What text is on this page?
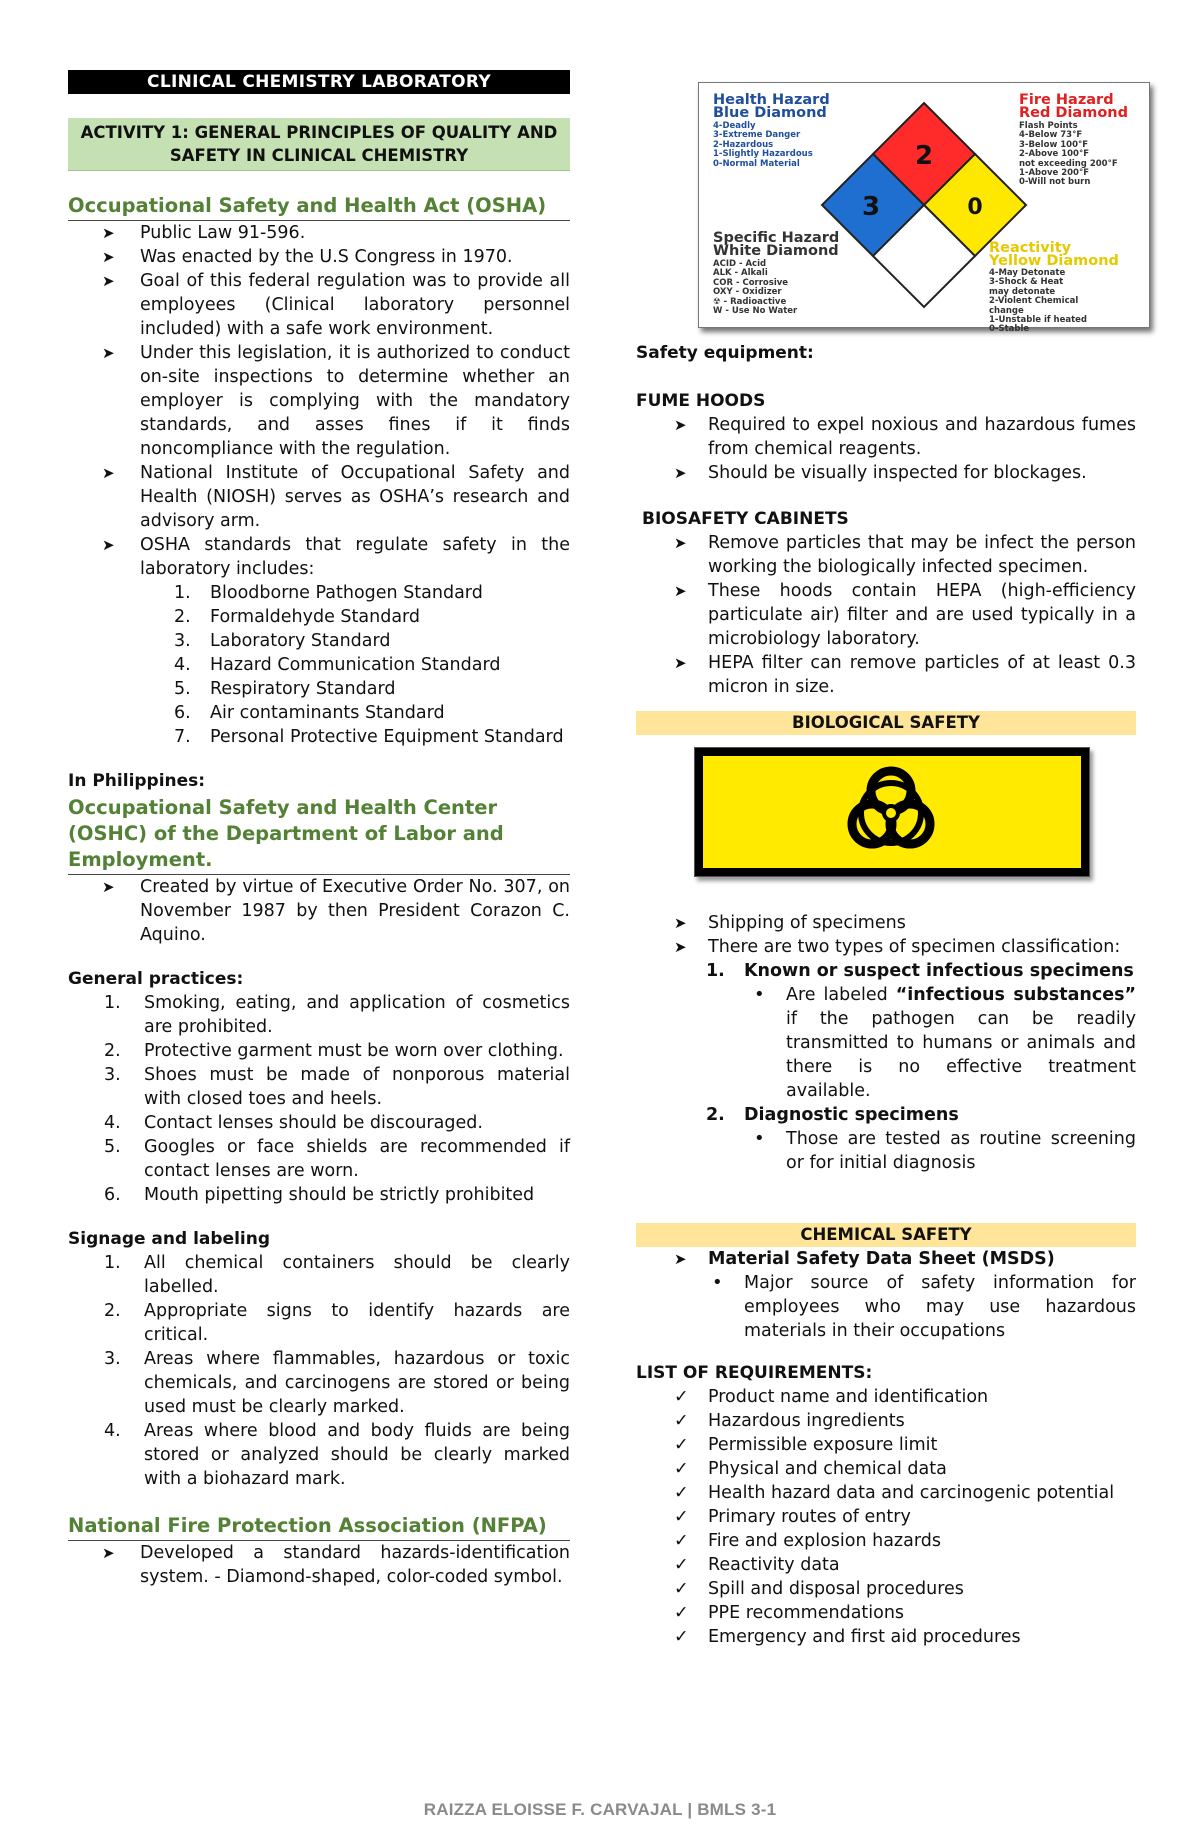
CLINICAL CHEMISTRY LABORATORY
ACTIVITY 1: GENERAL PRINCIPLES OF QUALITY AND SAFETY IN CLINICAL CHEMISTRY
Occupational Safety and Health Act (OSHA)
➤ Public Law 91-596.
➤ Was enacted by the U.S Congress in 1970.
➤ Goal of this federal regulation was to provide all employees (Clinical laboratory personnel included) with a safe work environment.
➤ Under this legislation, it is authorized to conduct on-site inspections to determine whether an employer is complying with the mandatory standards, and asses fines if it finds noncompliance with the regulation.
➤ National Institute of Occupational Safety and Health (NIOSH) serves as OSHA’s research and advisory arm.
➤ OSHA standards that regulate safety in the laboratory includes:
1. Bloodborne Pathogen Standard
2. Formaldehyde Standard
3. Laboratory Standard
4. Hazard Communication Standard
5. Respiratory Standard
6. Air contaminants Standard
7. Personal Protective Equipment Standard
In Philippines:
Occupational Safety and Health Center (OSHC) of the Department of Labor and Employment.
➤ Created by virtue of Executive Order No. 307, on November 1987 by then President Corazon C. Aquino.
General practices:
1. Smoking, eating, and application of cosmetics are prohibited.
2. Protective garment must be worn over clothing.
3. Shoes must be made of nonporous material with closed toes and heels.
4. Contact lenses should be discouraged.
5. Googles or face shields are recommended if contact lenses are worn.
6. Mouth pipetting should be strictly prohibited
Signage and labeling
1. All chemical containers should be clearly labelled.
2. Appropriate signs to identify hazards are critical.
3. Areas where flammables, hazardous or toxic chemicals, and carcinogens are stored or being used must be clearly marked.
4. Areas where blood and body fluids are being stored or analyzed should be clearly marked with a biohazard mark.
National Fire Protection Association (NFPA)
➤ Developed a standard hazards-identification system. - Diamond-shaped, color-coded symbol.
Health Hazard
Blue Diamond
4-Deadly
3-Extreme Danger
2-Hazardous
1-Slightly Hazardous
0-Normal Material
Fire Hazard
Red Diamond
Flash Points
4-Below 73°F
3-Below 100°F
2-Above 100°F
not exceeding 200°F
1-Above 200°F
0-Will not burn
Specific Hazard
White Diamond
ACID - Acid
ALK - Alkali
COR - Corrosive
OXY - Oxidizer
☢ - Radioactive
W - Use No Water
Reactivity
Yellow Diamond
4-May Detonate
3-Shock & Heat
may detonate
2-Violent Chemical
change
1-Unstable if heated
0-Stable
2
3	0
Safety equipment:
FUME HOODS
➤ Required to expel noxious and hazardous fumes from chemical reagents.
➤ Should be visually inspected for blockages.
BIOSAFETY CABINETS
➤ Remove particles that may be infect the person working the biologically infected specimen.
➤ These hoods contain HEPA (high-efficiency particulate air) filter and are used typically in a microbiology laboratory.
➤ HEPA filter can remove particles of at least 0.3 micron in size.
BIOLOGICAL SAFETY
➤ Shipping of specimens
➤ There are two types of specimen classification:
1. Known or suspect infectious specimens
• Are labeled “infectious substances” if the pathogen can be readily transmitted to humans or animals and there is no effective treatment available.
2. Diagnostic specimens
• Those are tested as routine screening or for initial diagnosis
CHEMICAL SAFETY
➤ Material Safety Data Sheet (MSDS)
• Major source of safety information for employees who may use hazardous materials in their occupations
LIST OF REQUIREMENTS:
✓ Product name and identification
✓ Hazardous ingredients
✓ Permissible exposure limit
✓ Physical and chemical data
✓ Health hazard data and carcinogenic potential
✓ Primary routes of entry
✓ Fire and explosion hazards
✓ Reactivity data
✓ Spill and disposal procedures
✓ PPE recommendations
✓ Emergency and first aid procedures
RAIZZA ELOISSE F. CARVAJAL | BMLS 3-1
